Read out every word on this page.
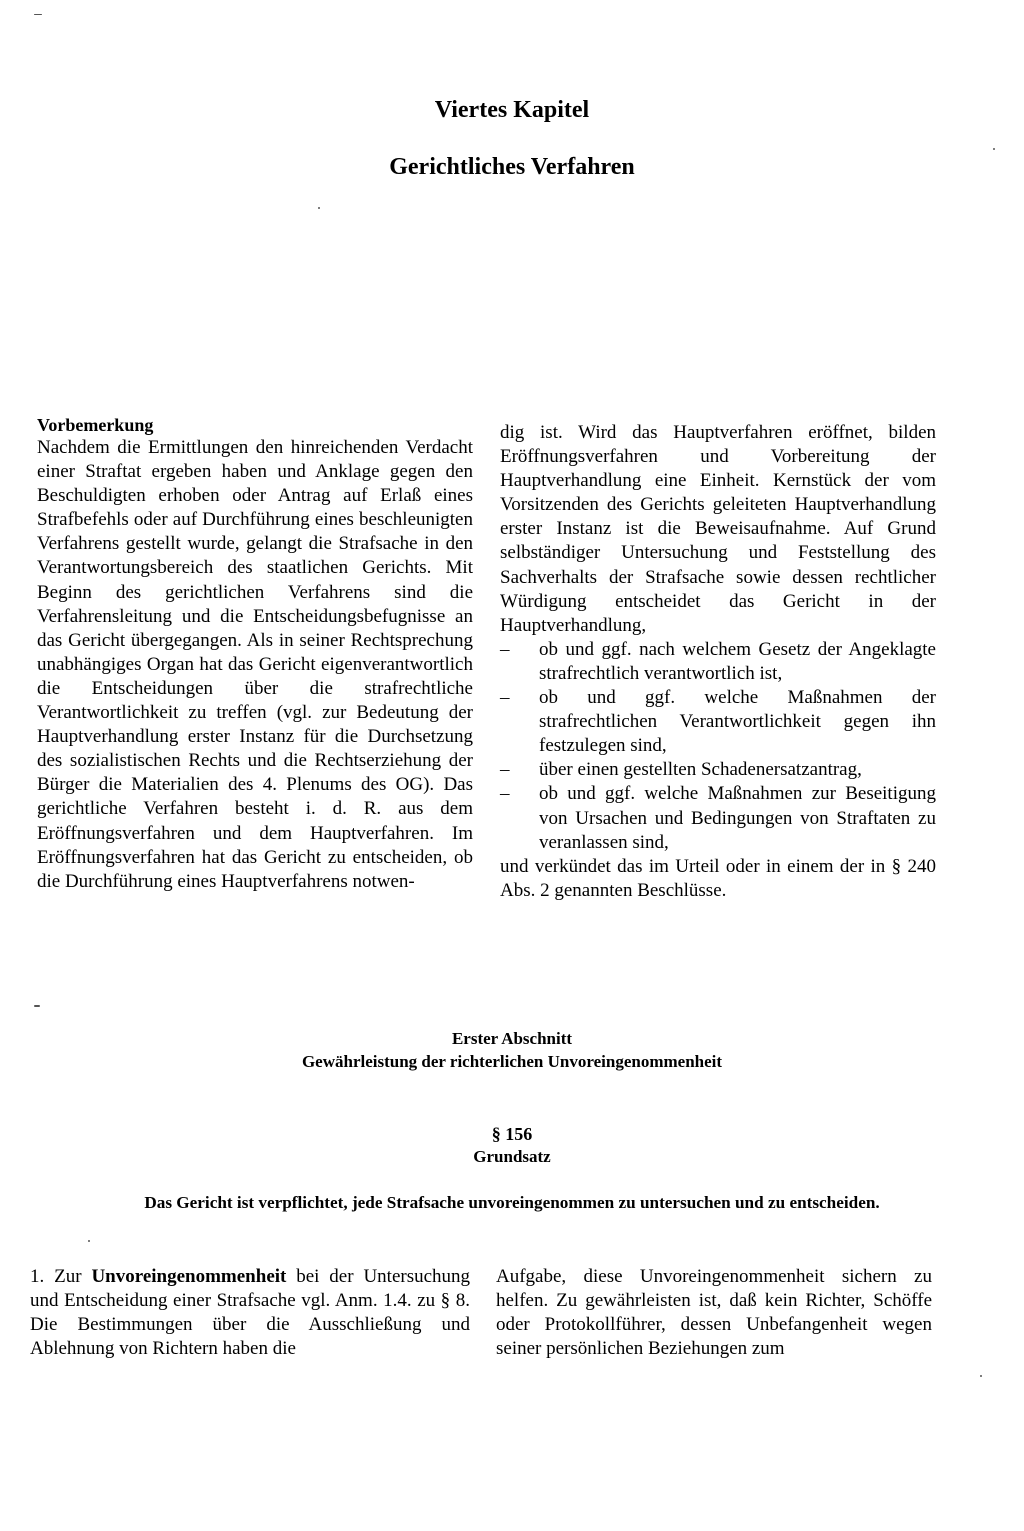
Viertes Kapitel
Gerichtliches Verfahren

Vorbemerkung

Nachdem die Ermittlungen den hinreichenden Verdacht einer Straftat ergeben haben und Anklage gegen den Beschuldigten erhoben oder Antrag auf Erlaß eines Strafbefehls oder auf Durchführung eines beschleunigten Verfahrens gestellt wurde, gelangt die Strafsache in den Verantwortungsbereich des staatlichen Gerichts. Mit Beginn des gerichtlichen Verfahrens sind die Verfahrensleitung und die Entscheidungsbefugnisse an das Gericht übergegangen. Als in seiner Rechtsprechung unabhängiges Organ hat das Gericht eigenverantwortlich die Entscheidungen über die strafrechtliche Verantwortlichkeit zu treffen (vgl. zur Bedeutung der Hauptverhandlung erster Instanz für die Durchsetzung des sozialistischen Rechts und die Rechtserziehung der Bürger die Materialien des 4. Plenums des OG). Das gerichtliche Verfahren besteht i. d. R. aus dem Eröffnungsverfahren und dem Hauptverfahren. Im Eröffnungsverfahren hat das Gericht zu entscheiden, ob die Durchführung eines Hauptverfahrens notwen-

dig ist. Wird das Hauptverfahren eröffnet, bilden Eröffnungsverfahren und Vorbereitung der Hauptverhandlung eine Einheit. Kernstück der vom Vorsitzenden des Gerichts geleiteten Hauptverhandlung erster Instanz ist die Beweisaufnahme. Auf Grund selbständiger Untersuchung und Feststellung des Sachverhalts der Strafsache sowie dessen rechtlicher Würdigung entscheidet das Gericht in der Hauptverhandlung,

– ob und ggf. nach welchem Gesetz der Angeklagte strafrechtlich verantwortlich ist,
– ob und ggf. welche Maßnahmen der strafrechtlichen Verantwortlichkeit gegen ihn festzulegen sind,
– über einen gestellten Schadenersatzantrag,
– ob und ggf. welche Maßnahmen zur Beseitigung von Ursachen und Bedingungen von Straftaten zu veranlassen sind,

und verkündet das im Urteil oder in einem der in § 240 Abs. 2 genannten Beschlüsse.

Erster Abschnitt
Gewährleistung der richterlichen Unvoreingenommenheit
§ 156
Grundsatz

Das Gericht ist verpflichtet, jede Strafsache unvoreingenommen zu untersuchen und zu entscheiden.

1. Zur Unvoreingenommenheit bei der Untersuchung und Entscheidung einer Strafsache vgl. Anm. 1.4. zu § 8. Die Bestimmungen über die Ausschließung und Ablehnung von Richtern haben die

Aufgabe, diese Unvoreingenommenheit sichern zu helfen. Zu gewährleisten ist, daß kein Richter, Schöffe oder Protokollführer, dessen Unbefangenheit wegen seiner persönlichen Beziehungen zum
